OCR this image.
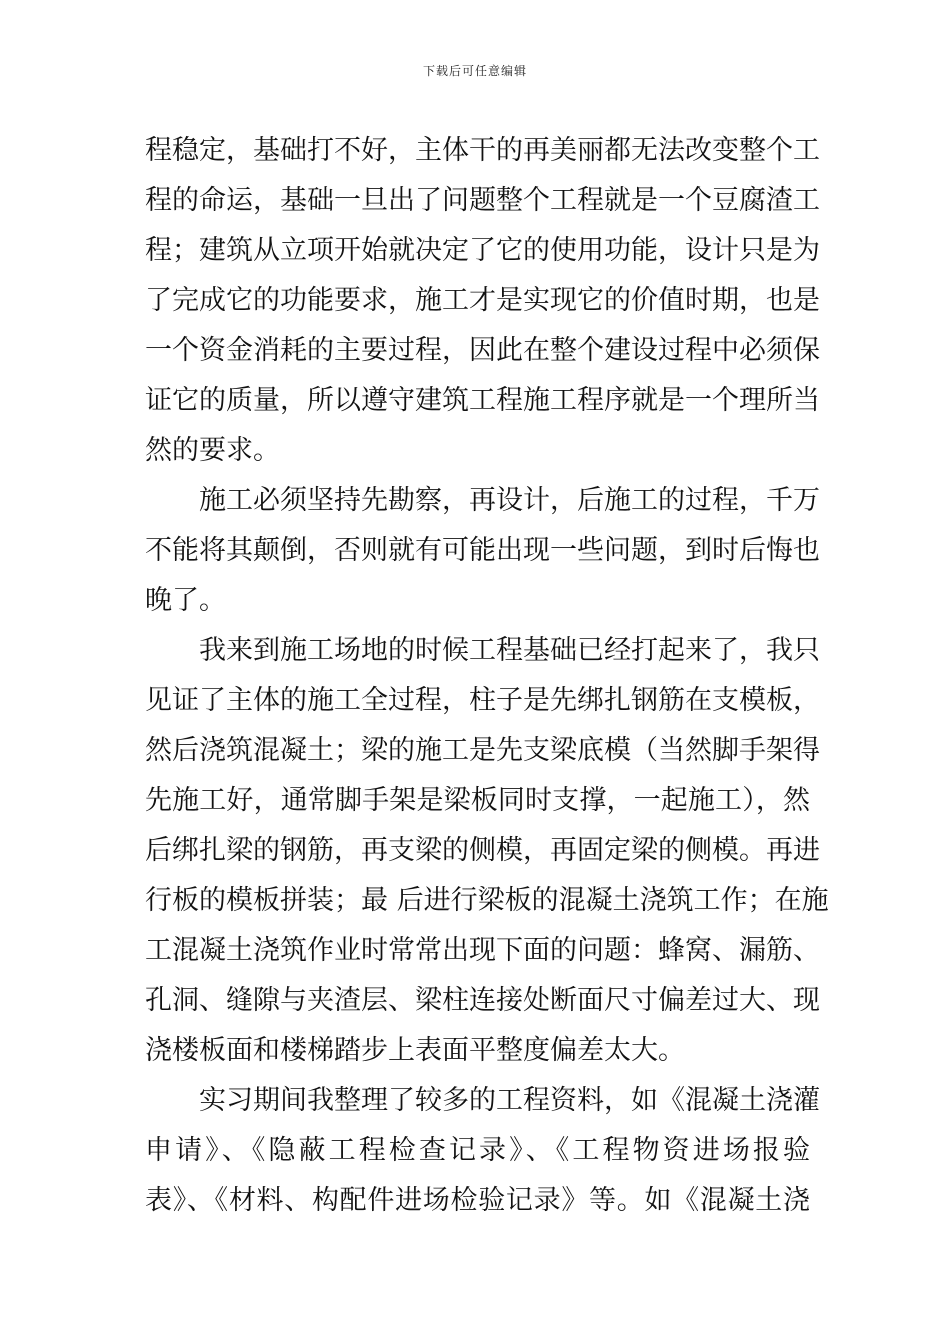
下载后可任意编辑
程稳定，基础打不好，主体干的再美丽都无法改变整个工
程的命运，基础一旦出了问题整个工程就是一个豆腐渣工
程；建筑从立项开始就决定了它的使用功能，设计只是为
了完成它的功能要求，施工才是实现它的价值时期，也是
一个资金消耗的主要过程，因此在整个建设过程中必须保
证它的质量，所以遵守建筑工程施工程序就是一个理所当
然的要求。
施工必须坚持先勘察，再设计，后施工的过程，千万
不能将其颠倒，否则就有可能出现一些问题，到时后悔也
晚了。
我来到施工场地的时候工程基础已经打起来了，我只
见证了主体的施工全过程，柱子是先绑扎钢筋在支模板，
然后浇筑混凝土；梁的施工是先支梁底模（当然脚手架得
先施工好，通常脚手架是梁板同时支撑，一起施工），然
后绑扎梁的钢筋，再支梁的侧模，再固定梁的侧模。再进
行板的模板拼装；最 后进行梁板的混凝土浇筑工作；在施
工混凝土浇筑作业时常常出现下面的问题：蜂窝、漏筋、
孔洞、缝隙与夹渣层、梁柱连接处断面尺寸偏差过大、现
浇楼板面和楼梯踏步上表面平整度偏差太大。
实习期间我整理了较多的工程资料，如《混凝土浇灌
申请》、《隐蔽工程检查记录》、《工程物资进场报验
表》、《材料、构配件进场检验记录》等。如《混凝土浇
